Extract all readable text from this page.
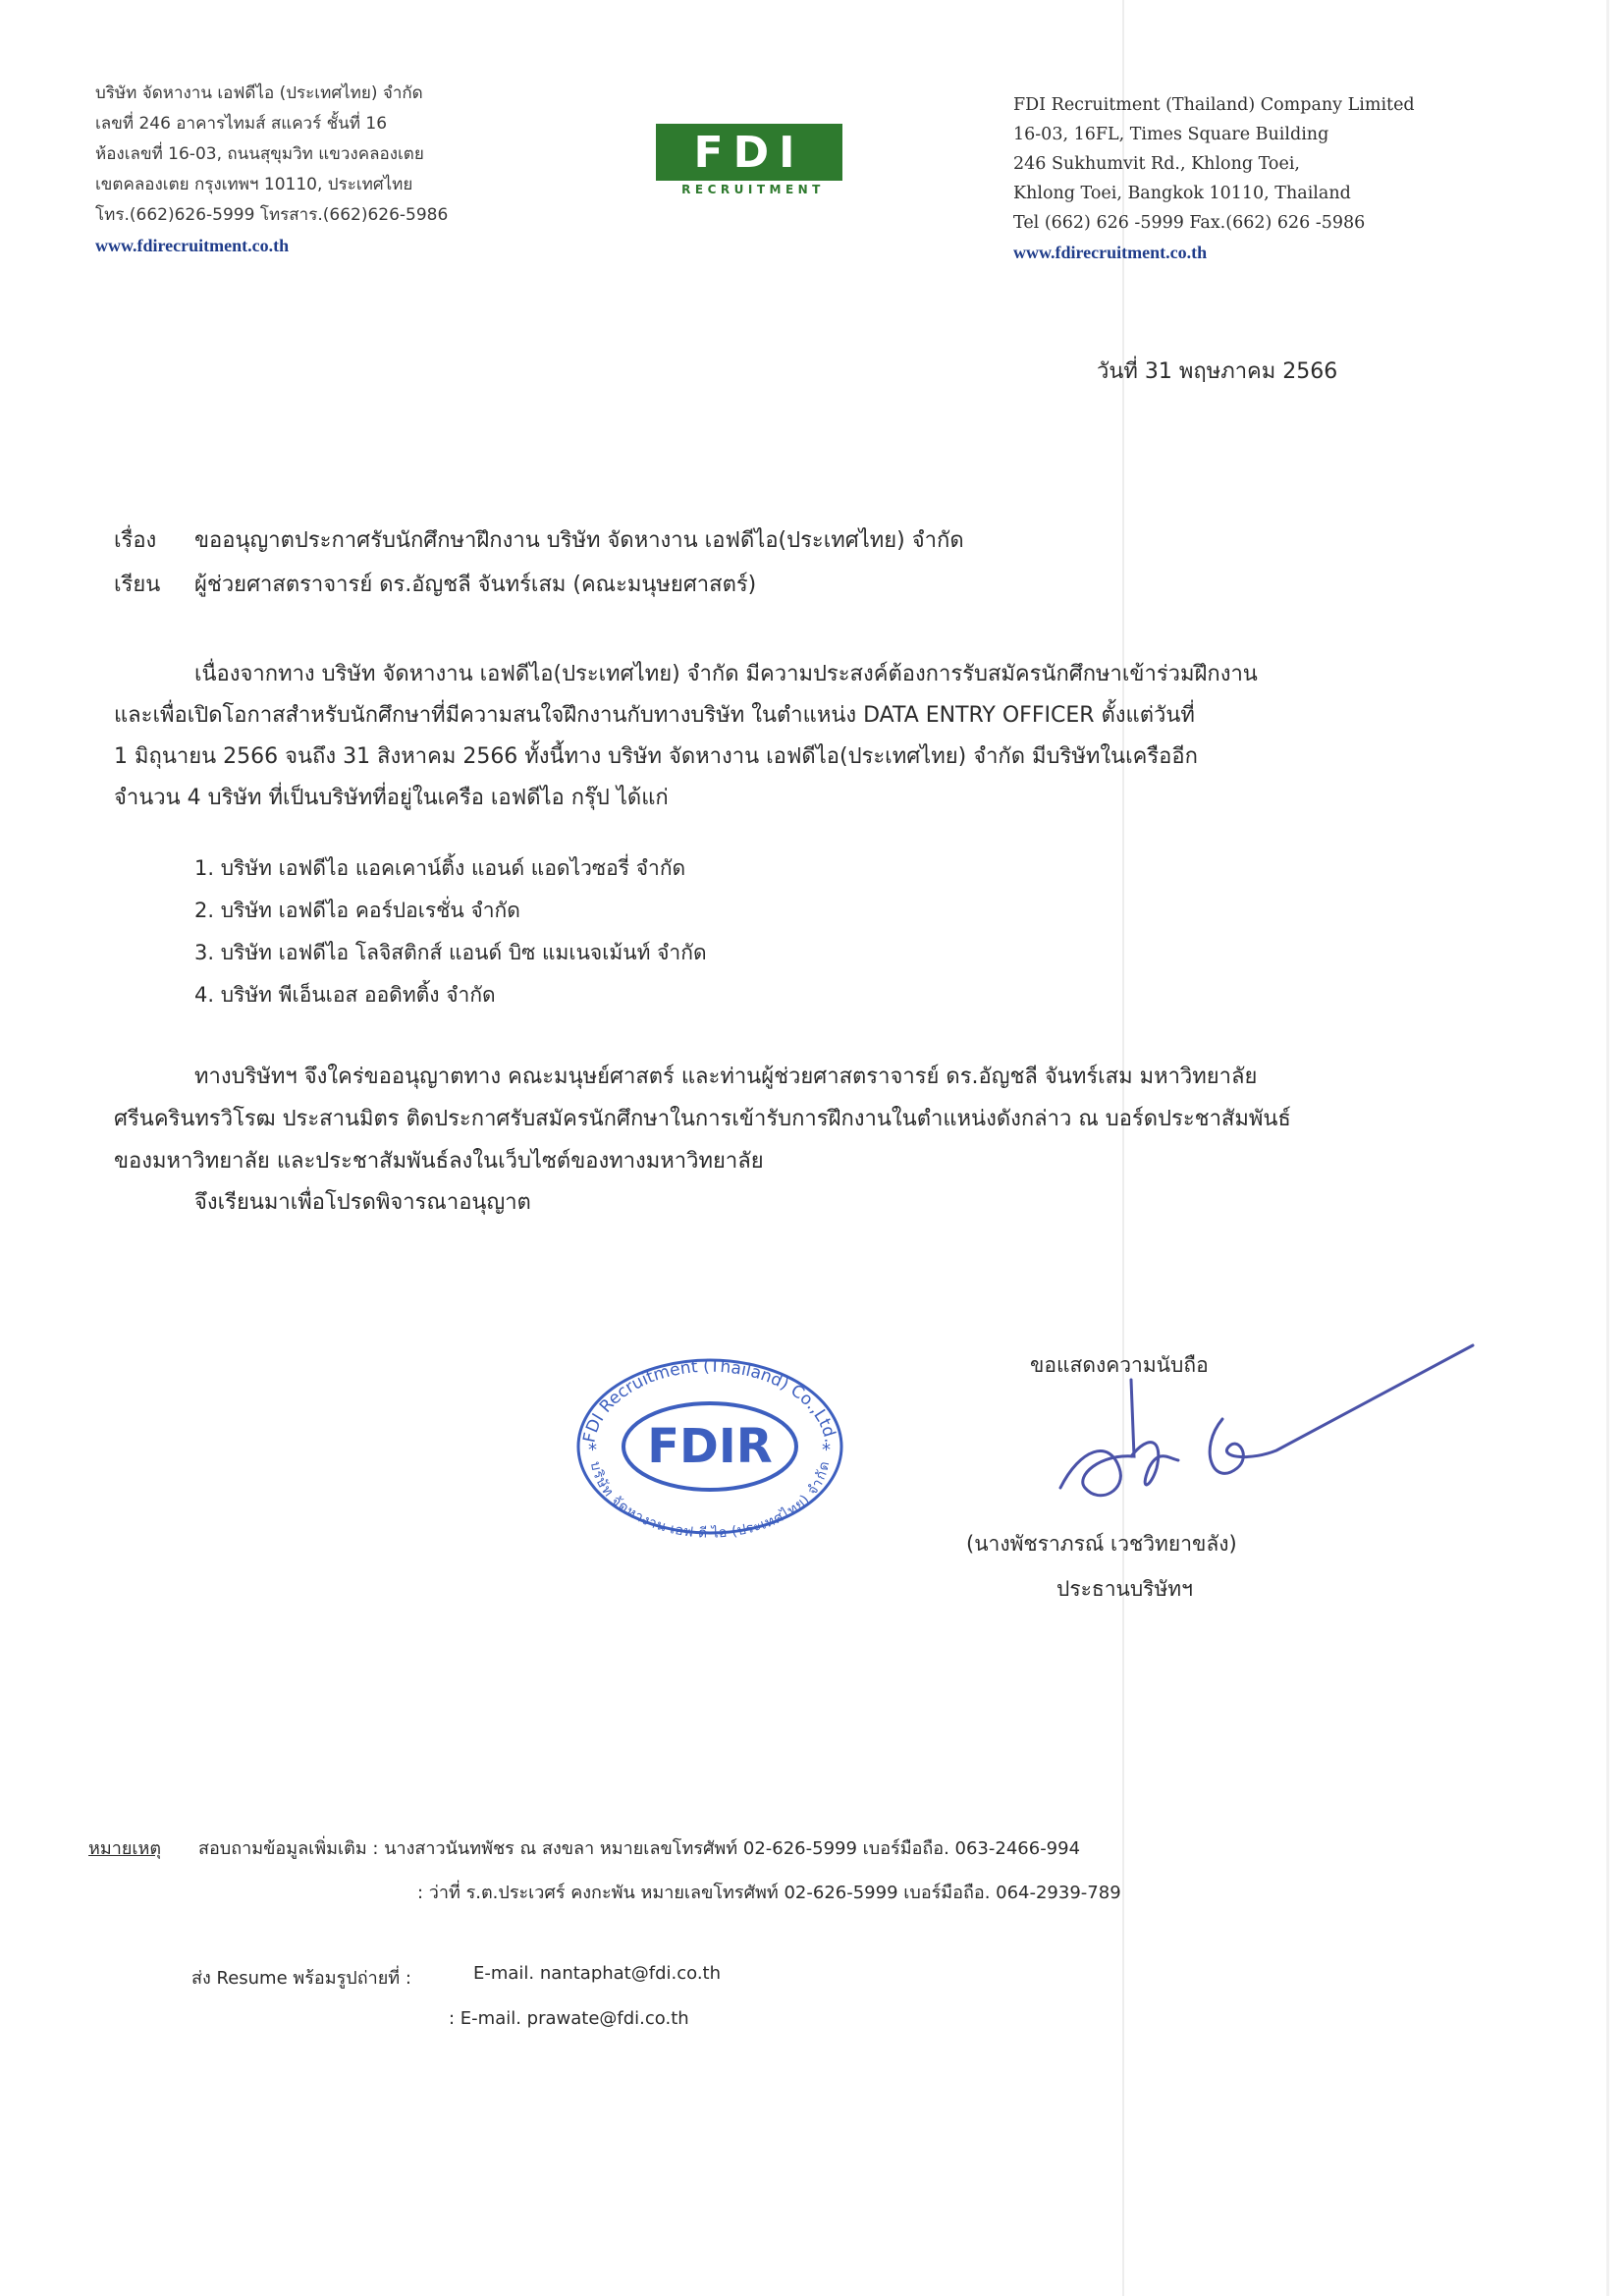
บริษัท จัดหางาน เอฟดีไอ (ประเทศไทย) จำกัด
เลขที่ 246 อาคารไทมส์ สแควร์ ชั้นที่ 16
ห้องเลขที่ 16-03, ถนนสุขุมวิท แขวงคลองเตย
เขตคลองเตย กรุงเทพฯ 10110, ประเทศไทย
โทร.(662)626-5999 โทรสาร.(662)626-5986
www.fdirecruitment.co.th
FDI
RECRUITMENT
FDI Recruitment (Thailand) Company Limited
16-03, 16FL, Times Square Building
246 Sukhumvit Rd., Khlong Toei,
Khlong Toei, Bangkok 10110, Thailand
Tel (662) 626 -5999 Fax.(662) 626 -5986
www.fdirecruitment.co.th
วันที่ 31 พฤษภาคม 2566
เรื่อง ขออนุญาตประกาศรับนักศึกษาฝึกงาน บริษัท จัดหางาน เอฟดีไอ(ประเทศไทย) จำกัด
เรียน ผู้ช่วยศาสตราจารย์ ดร.อัญชลี จันทร์เสม (คณะมนุษยศาสตร์)
เนื่องจากทาง บริษัท จัดหางาน เอฟดีไอ(ประเทศไทย) จำกัด มีความประสงค์ต้องการรับสมัครนักศึกษาเข้าร่วมฝึกงาน
และเพื่อเปิดโอกาสสำหรับนักศึกษาที่มีความสนใจฝึกงานกับทางบริษัท ในตำแหน่ง DATA ENTRY OFFICER ตั้งแต่วันที่
1 มิถุนายน 2566 จนถึง 31 สิงหาคม 2566 ทั้งนี้ทาง บริษัท จัดหางาน เอฟดีไอ(ประเทศไทย) จำกัด มีบริษัทในเครืออีก
จำนวน 4 บริษัท ที่เป็นบริษัทที่อยู่ในเครือ เอฟดีไอ กรุ๊ป ได้แก่
1. บริษัท เอฟดีไอ แอคเคาน์ติ้ง แอนด์ แอดไวซอรี่ จำกัด
2. บริษัท เอฟดีไอ คอร์ปอเรชั่น จำกัด
3. บริษัท เอฟดีไอ โลจิสติกส์ แอนด์ บิซ แมเนจเม้นท์ จำกัด
4. บริษัท พีเอ็นเอส ออดิทติ้ง จำกัด
ทางบริษัทฯ จึงใคร่ขออนุญาตทาง คณะมนุษย์ศาสตร์ และท่านผู้ช่วยศาสตราจารย์ ดร.อัญชลี จันทร์เสม มหาวิทยาลัย
ศรีนครินทรวิโรฒ ประสานมิตร ติดประกาศรับสมัครนักศึกษาในการเข้ารับการฝึกงานในตำแหน่งดังกล่าว ณ บอร์ดประชาสัมพันธ์
ของมหาวิทยาลัย และประชาสัมพันธ์ลงในเว็บไซต์ของทางมหาวิทยาลัย
จึงเรียนมาเพื่อโปรดพิจารณาอนุญาต
FDIR
FDI Recruitment (Thailand) Co.,Ltd.
บริษัท จัดหางาน เอฟ ดี ไอ (ประเทศไทย) จำกัด
*	*
ขอแสดงความนับถือ
(นางพัชราภรณ์ เวชวิทยาขลัง)
ประธานบริษัทฯ
หมายเหตุ สอบถามข้อมูลเพิ่มเติม : นางสาวนันทพัชร ณ สงขลา หมายเลขโทรศัพท์ 02-626-5999 เบอร์มือถือ. 063-2466-994
: ว่าที่ ร.ต.ประเวศร์ คงกะพัน หมายเลขโทรศัพท์ 02-626-5999 เบอร์มือถือ. 064-2939-789
ส่ง Resume พร้อมรูปถ่ายที่ :	E-mail. nantaphat@fdi.co.th
: E-mail. prawate@fdi.co.th
